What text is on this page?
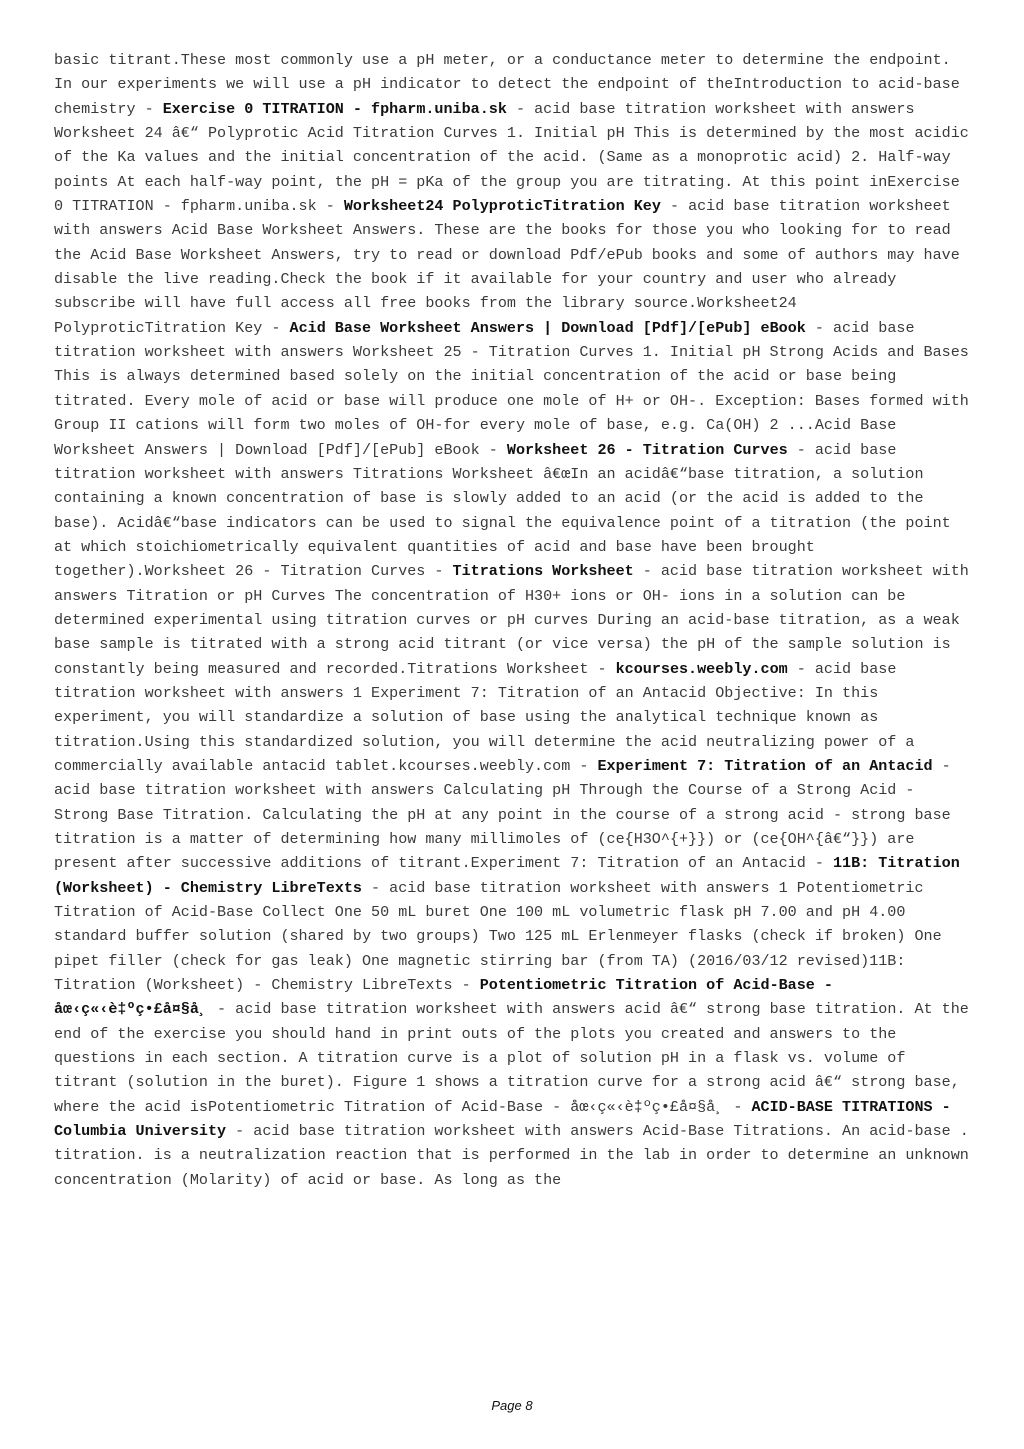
basic titrant.These most commonly use a pH meter, or a conductance meter to determine the endpoint. In our experiments we will use a pH indicator to detect the endpoint of theIntroduction to acid-base chemistry - Exercise 0 TITRATION - fpharm.uniba.sk - acid base titration worksheet with answers Worksheet 24 â€“ Polyprotic Acid Titration Curves 1. Initial pH This is determined by the most acidic of the Ka values and the initial concentration of the acid. (Same as a monoprotic acid) 2. Half-way points At each half-way point, the pH = pKa of the group you are titrating. At this point inExercise 0 TITRATION - fpharm.uniba.sk - Worksheet24 PolyproticTitration Key - acid base titration worksheet with answers Acid Base Worksheet Answers. These are the books for those you who looking for to read the Acid Base Worksheet Answers, try to read or download Pdf/ePub books and some of authors may have disable the live reading.Check the book if it available for your country and user who already subscribe will have full access all free books from the library source.Worksheet24 PolyproticTitration Key - Acid Base Worksheet Answers | Download [Pdf]/[ePub] eBook - acid base titration worksheet with answers Worksheet 25 - Titration Curves 1. Initial pH Strong Acids and Bases This is always determined based solely on the initial concentration of the acid or base being titrated. Every mole of acid or base will produce one mole of H+ or OH-. Exception: Bases formed with Group II cations will form two moles of OH-for every mole of base, e.g. Ca(OH) 2 ...Acid Base Worksheet Answers | Download [Pdf]/[ePub] eBook - Worksheet 26 - Titration Curves - acid base titration worksheet with answers Titrations Worksheet â€œIn an acidâ€“base titration, a solution containing a known concentration of base is slowly added to an acid (or the acid is added to the base). Acidâ€“base indicators can be used to signal the equivalence point of a titration (the point at which stoichiometrically equivalent quantities of acid and base have been brought together).Worksheet 26 - Titration Curves - Titrations Worksheet - acid base titration worksheet with answers Titration or pH Curves The concentration of H30+ ions or OH- ions in a solution can be determined experimental using titration curves or pH curves During an acid-base titration, as a weak base sample is titrated with a strong acid titrant (or vice versa) the pH of the sample solution is constantly being measured and recorded.Titrations Worksheet - kcourses.weebly.com - acid base titration worksheet with answers 1 Experiment 7: Titration of an Antacid Objective: In this experiment, you will standardize a solution of base using the analytical technique known as titration.Using this standardized solution, you will determine the acid neutralizing power of a commercially available antacid tablet.kcourses.weebly.com - Experiment 7: Titration of an Antacid - acid base titration worksheet with answers Calculating pH Through the Course of a Strong Acid - Strong Base Titration. Calculating the pH at any point in the course of a strong acid - strong base titration is a matter of determining how many millimoles of (ce{H3O^{+}}) or (ce{OH^{â€“}}) are present after successive additions of titrant.Experiment 7: Titration of an Antacid - 11B: Titration (Worksheet) - Chemistry LibreTexts - acid base titration worksheet with answers 1 Potentiometric Titration of Acid-Base Collect One 50 mL buret One 100 mL volumetric flask pH 7.00 and pH 4.00 standard buffer solution (shared by two groups) Two 125 mL Erlenmeyer flasks (check if broken) One pipet filler (check for gas leak) One magnetic stirring bar (from TA) (2016/03/12 revised)11B: Titration (Worksheet) - Chemistry LibreTexts - Potentiometric Titration of Acid-Base - åœ‹ç«‹è‡ºç•£å¤§å¸ - acid base titration worksheet with answers acid â€“ strong base titration. At the end of the exercise you should hand in print outs of the plots you created and answers to the questions in each section. A titration curve is a plot of solution pH in a flask vs. volume of titrant (solution in the buret). Figure 1 shows a titration curve for a strong acid â€“ strong base, where the acid isPotentiometric Titration of Acid-Base - åœ‹ç«‹è‡ºç•£å¤§å¸ - ACID-BASE TITRATIONS - Columbia University - acid base titration worksheet with answers Acid-Base Titrations. An acid-base . titration. is a neutralization reaction that is performed in the lab in order to determine an unknown concentration (Molarity) of acid or base. As long as the

Page 8
